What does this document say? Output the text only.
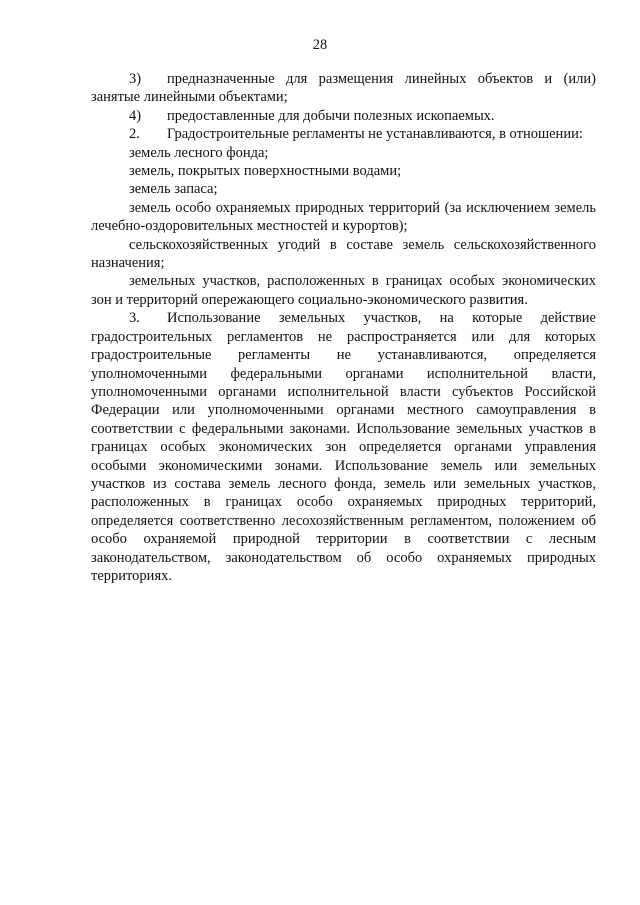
28

3) предназначенные для размещения линейных объектов и (или) занятые линейными объектами;

4) предоставленные для добычи полезных ископаемых.

2. Градостроительные регламенты не устанавливаются, в отношении:

земель лесного фонда;

земель, покрытых поверхностными водами;

земель запаса;

земель особо охраняемых природных территорий (за исключением земель лечебно-оздоровительных местностей и курортов);

сельскохозяйственных угодий в составе земель сельскохозяйственного назначения;

земельных участков, расположенных в границах особых экономических зон и территорий опережающего социально-экономического развития.

3. Использование земельных участков, на которые действие градостроительных регламентов не распространяется или для которых градостроительные регламенты не устанавливаются, определяется уполномоченными федеральными органами исполнительной власти, уполномоченными органами исполнительной власти субъектов Российской Федерации или уполномоченными органами местного самоуправления в соответствии с федеральными законами. Использование земельных участков в границах особых экономических зон определяется органами управления особыми экономическими зонами. Использование земель или земельных участков из состава земель лесного фонда, земель или земельных участков, расположенных в границах особо охраняемых природных территорий, определяется соответственно лесохозяйственным регламентом, положением об особо охраняемой природной территории в соответствии с лесным законодательством, законодательством об особо охраняемых природных территориях.
